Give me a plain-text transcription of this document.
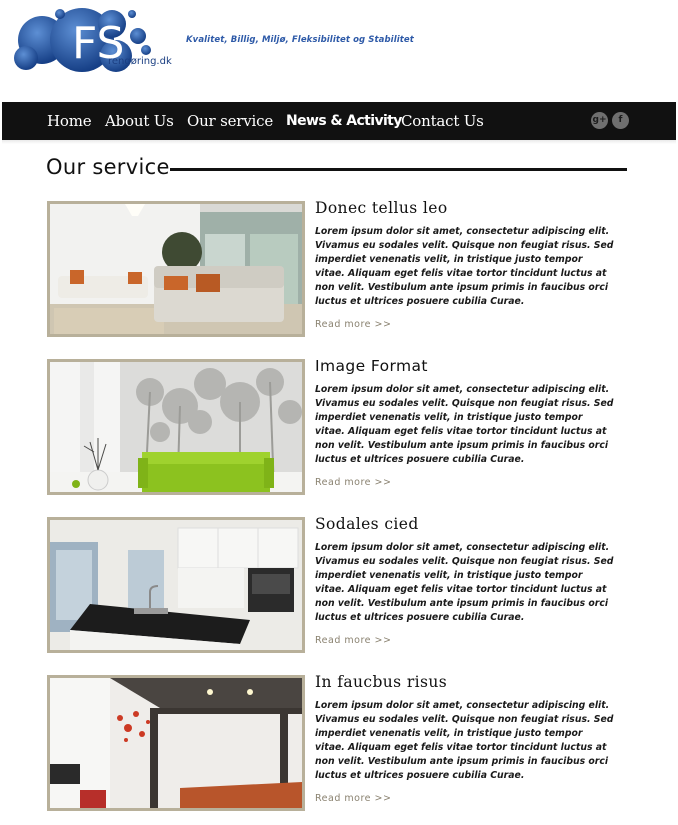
FS
rengøring.dk
Kvalitet, Billig, Miljø, Fleksibilitet og Stabilitet
Home About Us Our service News & Activity Contact Us	g+	f
Our service
Donec tellus leo

Lorem ipsum dolor sit amet, consectetur adipiscing elit. Vivamus eu sodales velit. Quisque non feugiat risus. Sed imperdiet venenatis velit, in tristique justo tempor vitae. Aliquam eget felis vitae tortor tincidunt luctus at non velit. Vestibulum ante ipsum primis in faucibus orci luctus et ultrices posuere cubilia Curae.

Read more >>
Image Format

Lorem ipsum dolor sit amet, consectetur adipiscing elit. Vivamus eu sodales velit. Quisque non feugiat risus. Sed imperdiet venenatis velit, in tristique justo tempor vitae. Aliquam eget felis vitae tortor tincidunt luctus at non velit. Vestibulum ante ipsum primis in faucibus orci luctus et ultrices posuere cubilia Curae.

Read more >>
Sodales cied

Lorem ipsum dolor sit amet, consectetur adipiscing elit. Vivamus eu sodales velit. Quisque non feugiat risus. Sed imperdiet venenatis velit, in tristique justo tempor vitae. Aliquam eget felis vitae tortor tincidunt luctus at non velit. Vestibulum ante ipsum primis in faucibus orci luctus et ultrices posuere cubilia Curae.

Read more >>
In faucbus risus

Lorem ipsum dolor sit amet, consectetur adipiscing elit. Vivamus eu sodales velit. Quisque non feugiat risus. Sed imperdiet venenatis velit, in tristique justo tempor vitae. Aliquam eget felis vitae tortor tincidunt luctus at non velit. Vestibulum ante ipsum primis in faucibus orci luctus et ultrices posuere cubilia Curae.

Read more >>
